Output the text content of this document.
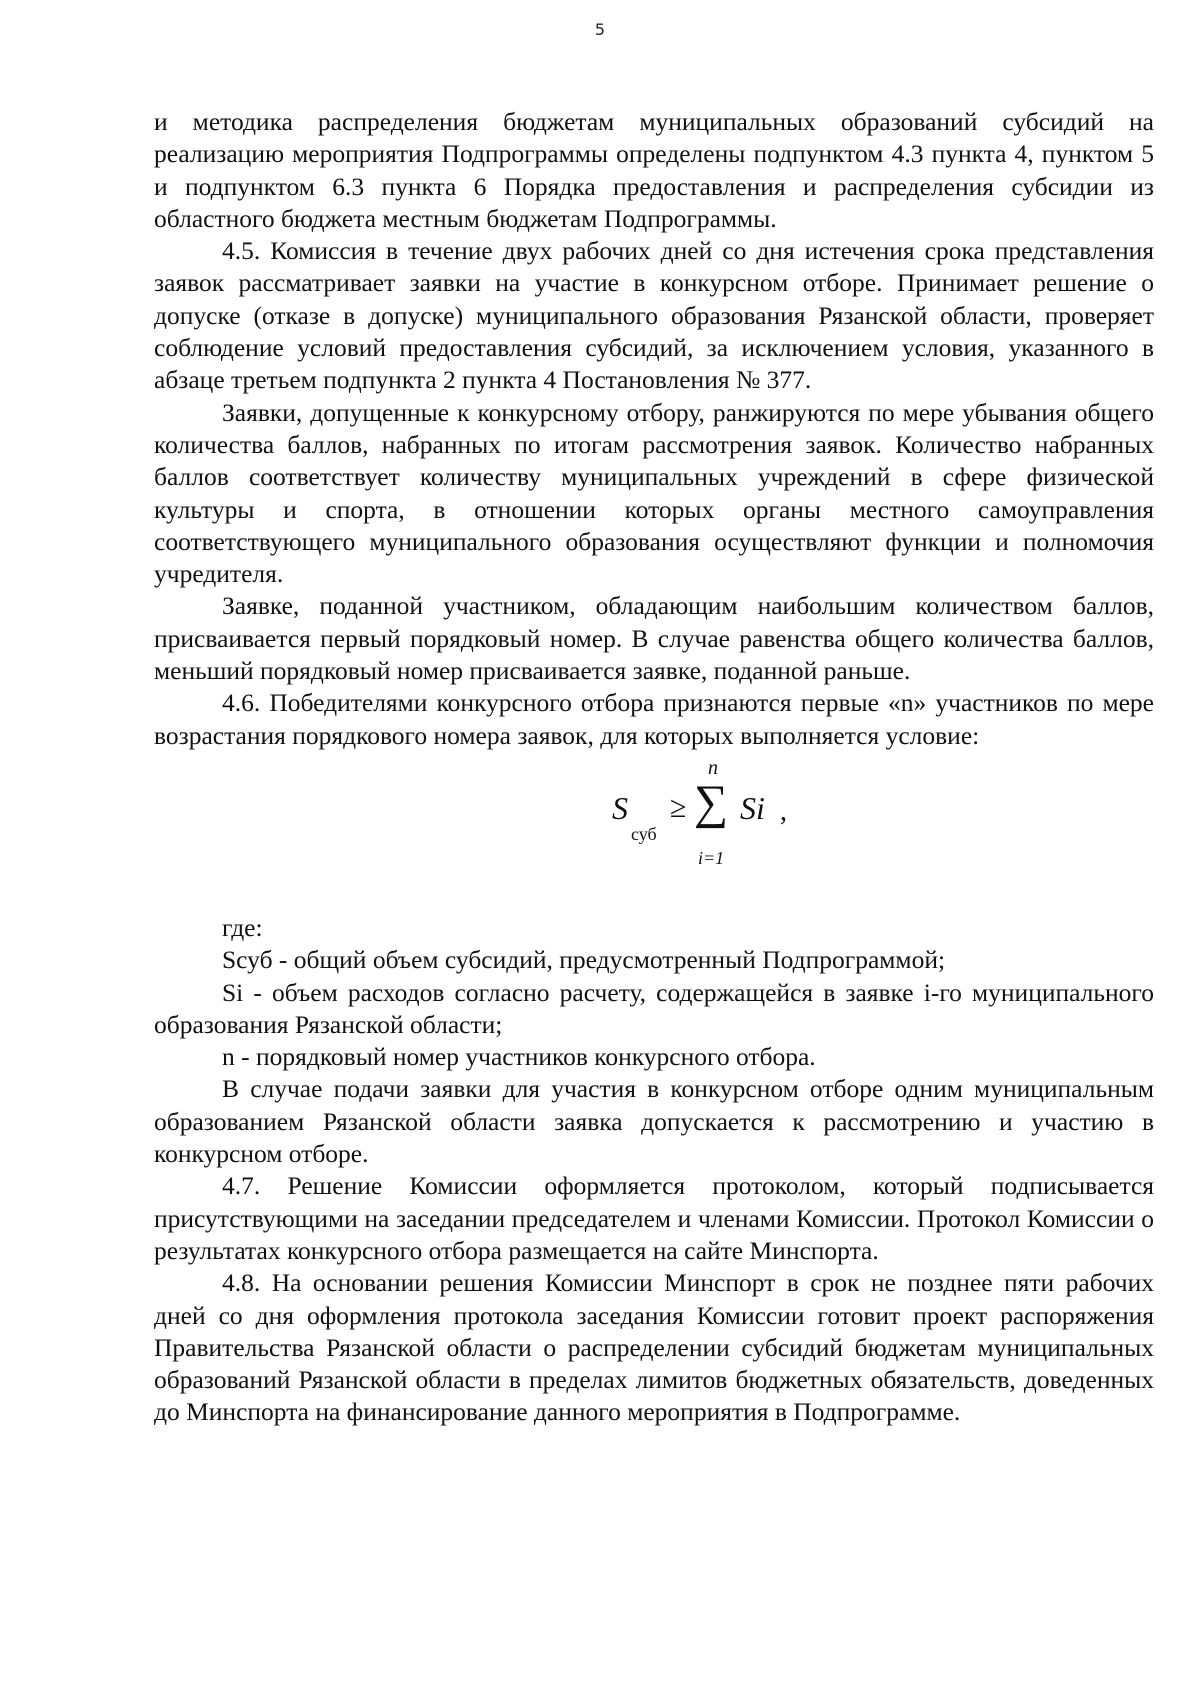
5

и методика распределения бюджетам муниципальных образований субсидий на реализацию мероприятия Подпрограммы определены подпунктом 4.3 пункта 4, пунктом 5 и подпунктом 6.3 пункта 6 Порядка предоставления и распределения субсидии из областного бюджета местным бюджетам Подпрограммы.

4.5. Комиссия в течение двух рабочих дней со дня истечения срока представления заявок рассматривает заявки на участие в конкурсном отборе. Принимает решение о допуске (отказе в допуске) муниципального образования Рязанской области, проверяет соблюдение условий предоставления субсидий, за исключением условия, указанного в абзаце третьем подпункта 2 пункта 4 Постановления № 377.

Заявки, допущенные к конкурсному отбору, ранжируются по мере убывания общего количества баллов, набранных по итогам рассмотрения заявок. Количество набранных баллов соответствует количеству муниципальных учреждений в сфере физической культуры и спорта, в отношении которых органы местного самоуправления соответствующего муниципального образования осуществляют функции и полномочия учредителя.

Заявке, поданной участником, обладающим наибольшим количеством баллов, присваивается первый порядковый номер. В случае равенства общего количества баллов, меньший порядковый номер присваивается заявке, поданной раньше.

4.6. Победителями конкурсного отбора признаются первые «n» участников по мере возрастания порядкового номера заявок, для которых выполняется условие:

S
суб
≥
n
∑
i=1
Si ,

где:

Sсуб - общий объем субсидий, предусмотренный Подпрограммой;

Si - объем расходов согласно расчету, содержащейся в заявке i-го муниципального образования Рязанской области;

n - порядковый номер участников конкурсного отбора.

В случае подачи заявки для участия в конкурсном отборе одним муниципальным образованием Рязанской области заявка допускается к рассмотрению и участию в конкурсном отборе.

4.7. Решение Комиссии оформляется протоколом, который подписывается присутствующими на заседании председателем и членами Комиссии. Протокол Комиссии о результатах конкурсного отбора размещается на сайте Минспорта.

4.8. На основании решения Комиссии Минспорт в срок не позднее пяти рабочих дней со дня оформления протокола заседания Комиссии готовит проект распоряжения Правительства Рязанской области о распределении субсидий бюджетам муниципальных образований Рязанской области в пределах лимитов бюджетных обязательств, доведенных до Минспорта на финансирование данного мероприятия в Подпрограмме.
